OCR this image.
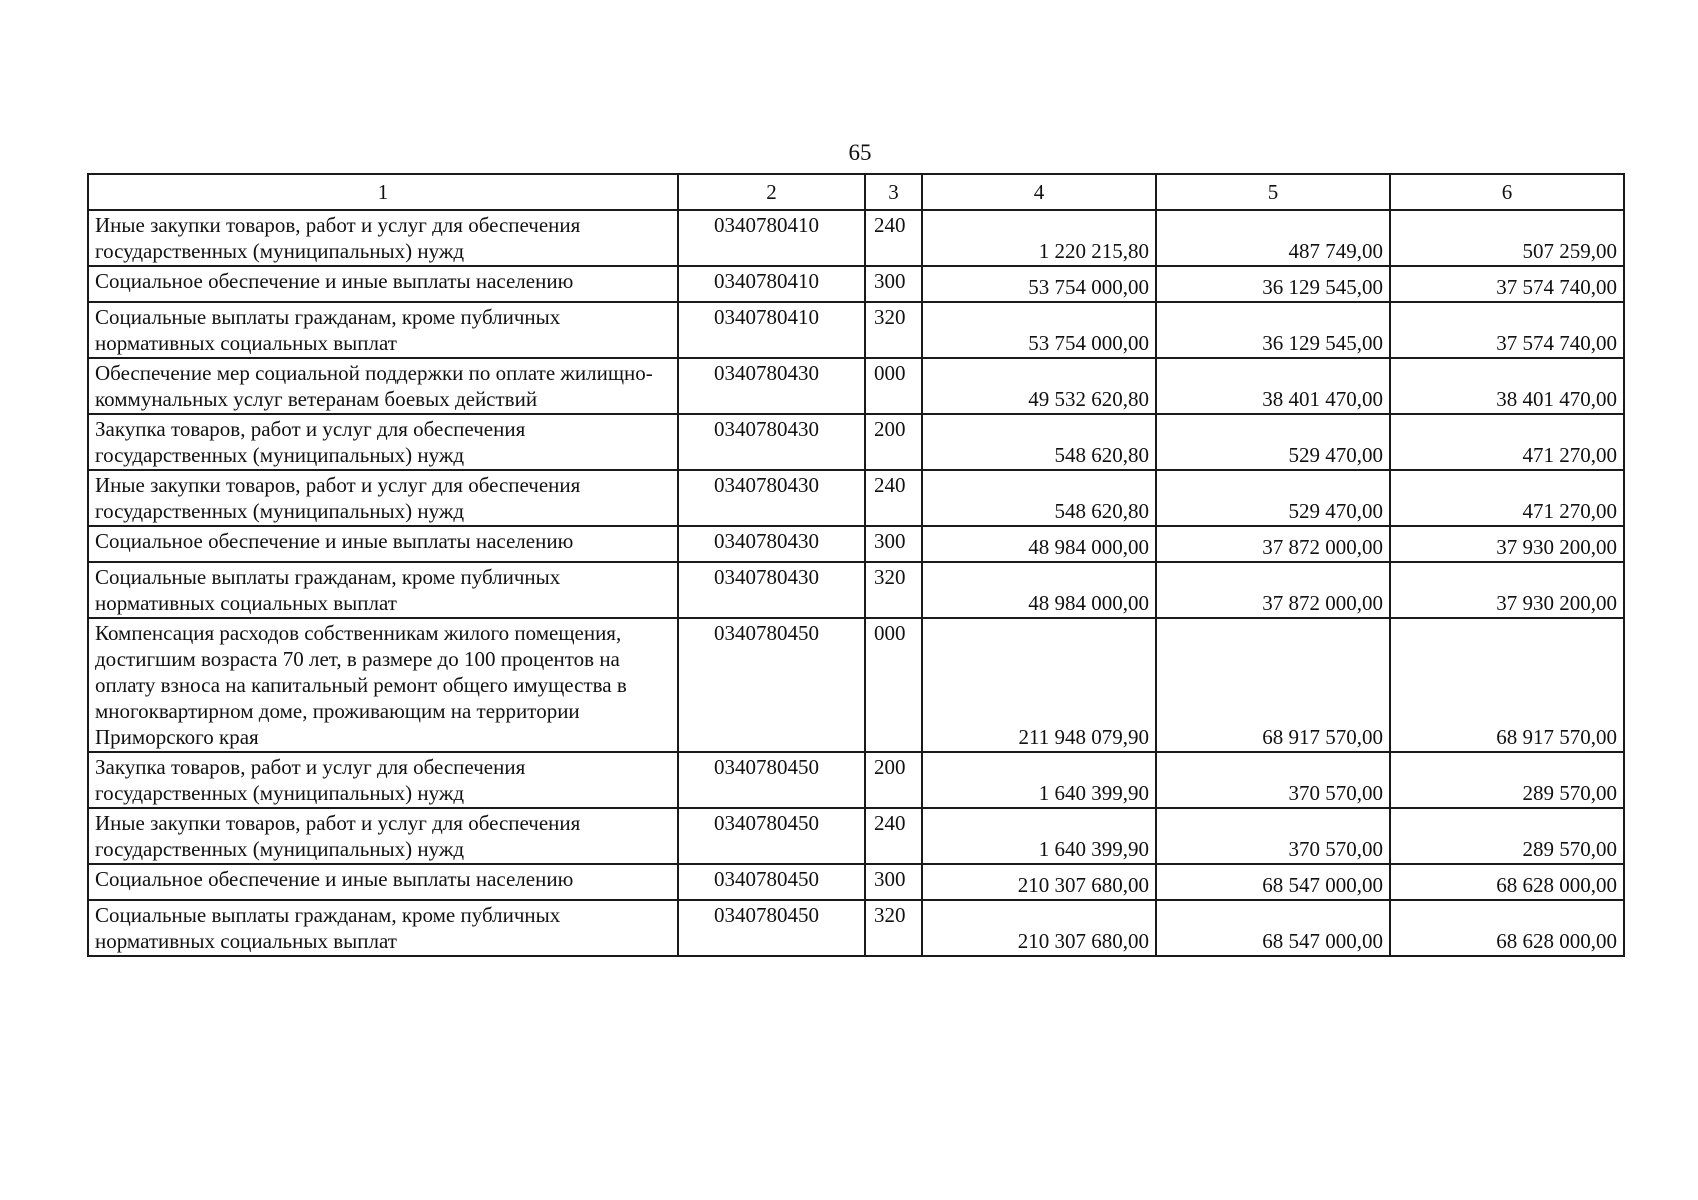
65
1	2	3	4	5	6
Иные закупки товаров, работ и услуг для обеспечения государственных (муниципальных) нужд	0340780410	240	1 220 215,80	487 749,00	507 259,00
Социальное обеспечение и иные выплаты населению	0340780410	300	53 754 000,00	36 129 545,00	37 574 740,00
Социальные выплаты гражданам, кроме публичных нормативных социальных выплат	0340780410	320	53 754 000,00	36 129 545,00	37 574 740,00
Обеспечение мер социальной поддержки по оплате жилищно-коммунальных услуг ветеранам боевых действий	0340780430	000	49 532 620,80	38 401 470,00	38 401 470,00
Закупка товаров, работ и услуг для обеспечения государственных (муниципальных) нужд	0340780430	200	548 620,80	529 470,00	471 270,00
Иные закупки товаров, работ и услуг для обеспечения государственных (муниципальных) нужд	0340780430	240	548 620,80	529 470,00	471 270,00
Социальное обеспечение и иные выплаты населению	0340780430	300	48 984 000,00	37 872 000,00	37 930 200,00
Социальные выплаты гражданам, кроме публичных нормативных социальных выплат	0340780430	320	48 984 000,00	37 872 000,00	37 930 200,00
Компенсация расходов собственникам жилого помещения, достигшим возраста 70 лет, в размере до 100 процентов на оплату взноса на капитальный ремонт общего имущества в многоквартирном доме, проживающим на территории Приморского края	0340780450	000	211 948 079,90	68 917 570,00	68 917 570,00
Закупка товаров, работ и услуг для обеспечения государственных (муниципальных) нужд	0340780450	200	1 640 399,90	370 570,00	289 570,00
Иные закупки товаров, работ и услуг для обеспечения государственных (муниципальных) нужд	0340780450	240	1 640 399,90	370 570,00	289 570,00
Социальное обеспечение и иные выплаты населению	0340780450	300	210 307 680,00	68 547 000,00	68 628 000,00
Социальные выплаты гражданам, кроме публичных нормативных социальных выплат	0340780450	320	210 307 680,00	68 547 000,00	68 628 000,00
